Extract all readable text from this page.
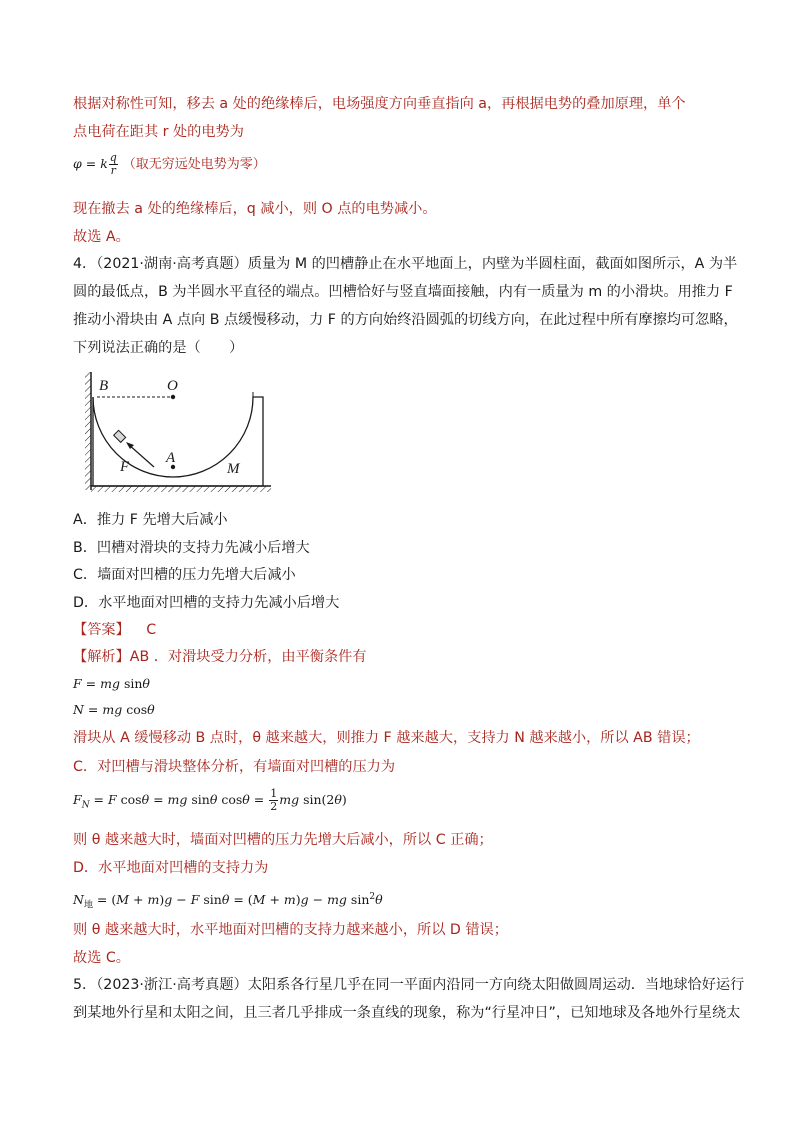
根据对称性可知，移去 a 处的绝缘棒后，电场强度方向垂直指向 a，再根据电势的叠加原理，单个
点电荷在距其 r 处的电势为
φ = k $\frac{q}{r}$ （取无穷远处电势为零）
现在撤去 a 处的绝缘棒后，q 减小，则 O 点的电势减小。
故选 A。
4．（2021·湖南·高考真题）质量为 M 的凹槽静止在水平地面上，内壁为半圆柱面，截面如图所示，A 为半
圆的最低点，B 为半圆水平直径的端点。凹槽恰好与竖直墙面接触，内有一质量为 m 的小滑块。用推力 F
推动小滑块由 A 点向 B 点缓慢移动，力 F 的方向始终沿圆弧的切线方向，在此过程中所有摩擦均可忽略，
下列说法正确的是（　　）
B	O
A
F	M
A．推力 F 先增大后减小
B．凹槽对滑块的支持力先减小后增大
C．墙面对凹槽的压力先增大后减小
D．水平地面对凹槽的支持力先减小后增大
【答案】 C
【解析】AB ．对滑块受力分析，由平衡条件有
F = mg sinθ
N = mg cosθ
滑块从 A 缓慢移动 B 点时，θ 越来越大，则推力 F 越来越大，支持力 N 越来越小，所以 AB 错误；
C．对凹槽与滑块整体分析，有墙面对凹槽的压力为
$F_N = F$ cosθ = mg sinθ $\cos\theta = \frac{1}{2}$ mg sin(2θ)
则 θ 越来越大时，墙面对凹槽的压力先增大后减小，所以 C 正确；
D．水平地面对凹槽的支持力为
$N_地 = (M + m)g - F$ sinθ = (M + m)g − mg $\sin^2\theta$
则 θ 越来越大时，水平地面对凹槽的支持力越来越小，所以 D 错误；
故选 C。
5．（2023·浙江·高考真题）太阳系各行星几乎在同一平面内沿同一方向绕太阳做圆周运动．当地球恰好运行
到某地外行星和太阳之间，且三者几乎排成一条直线的现象，称为“行星冲日”，已知地球及各地外行星绕太
